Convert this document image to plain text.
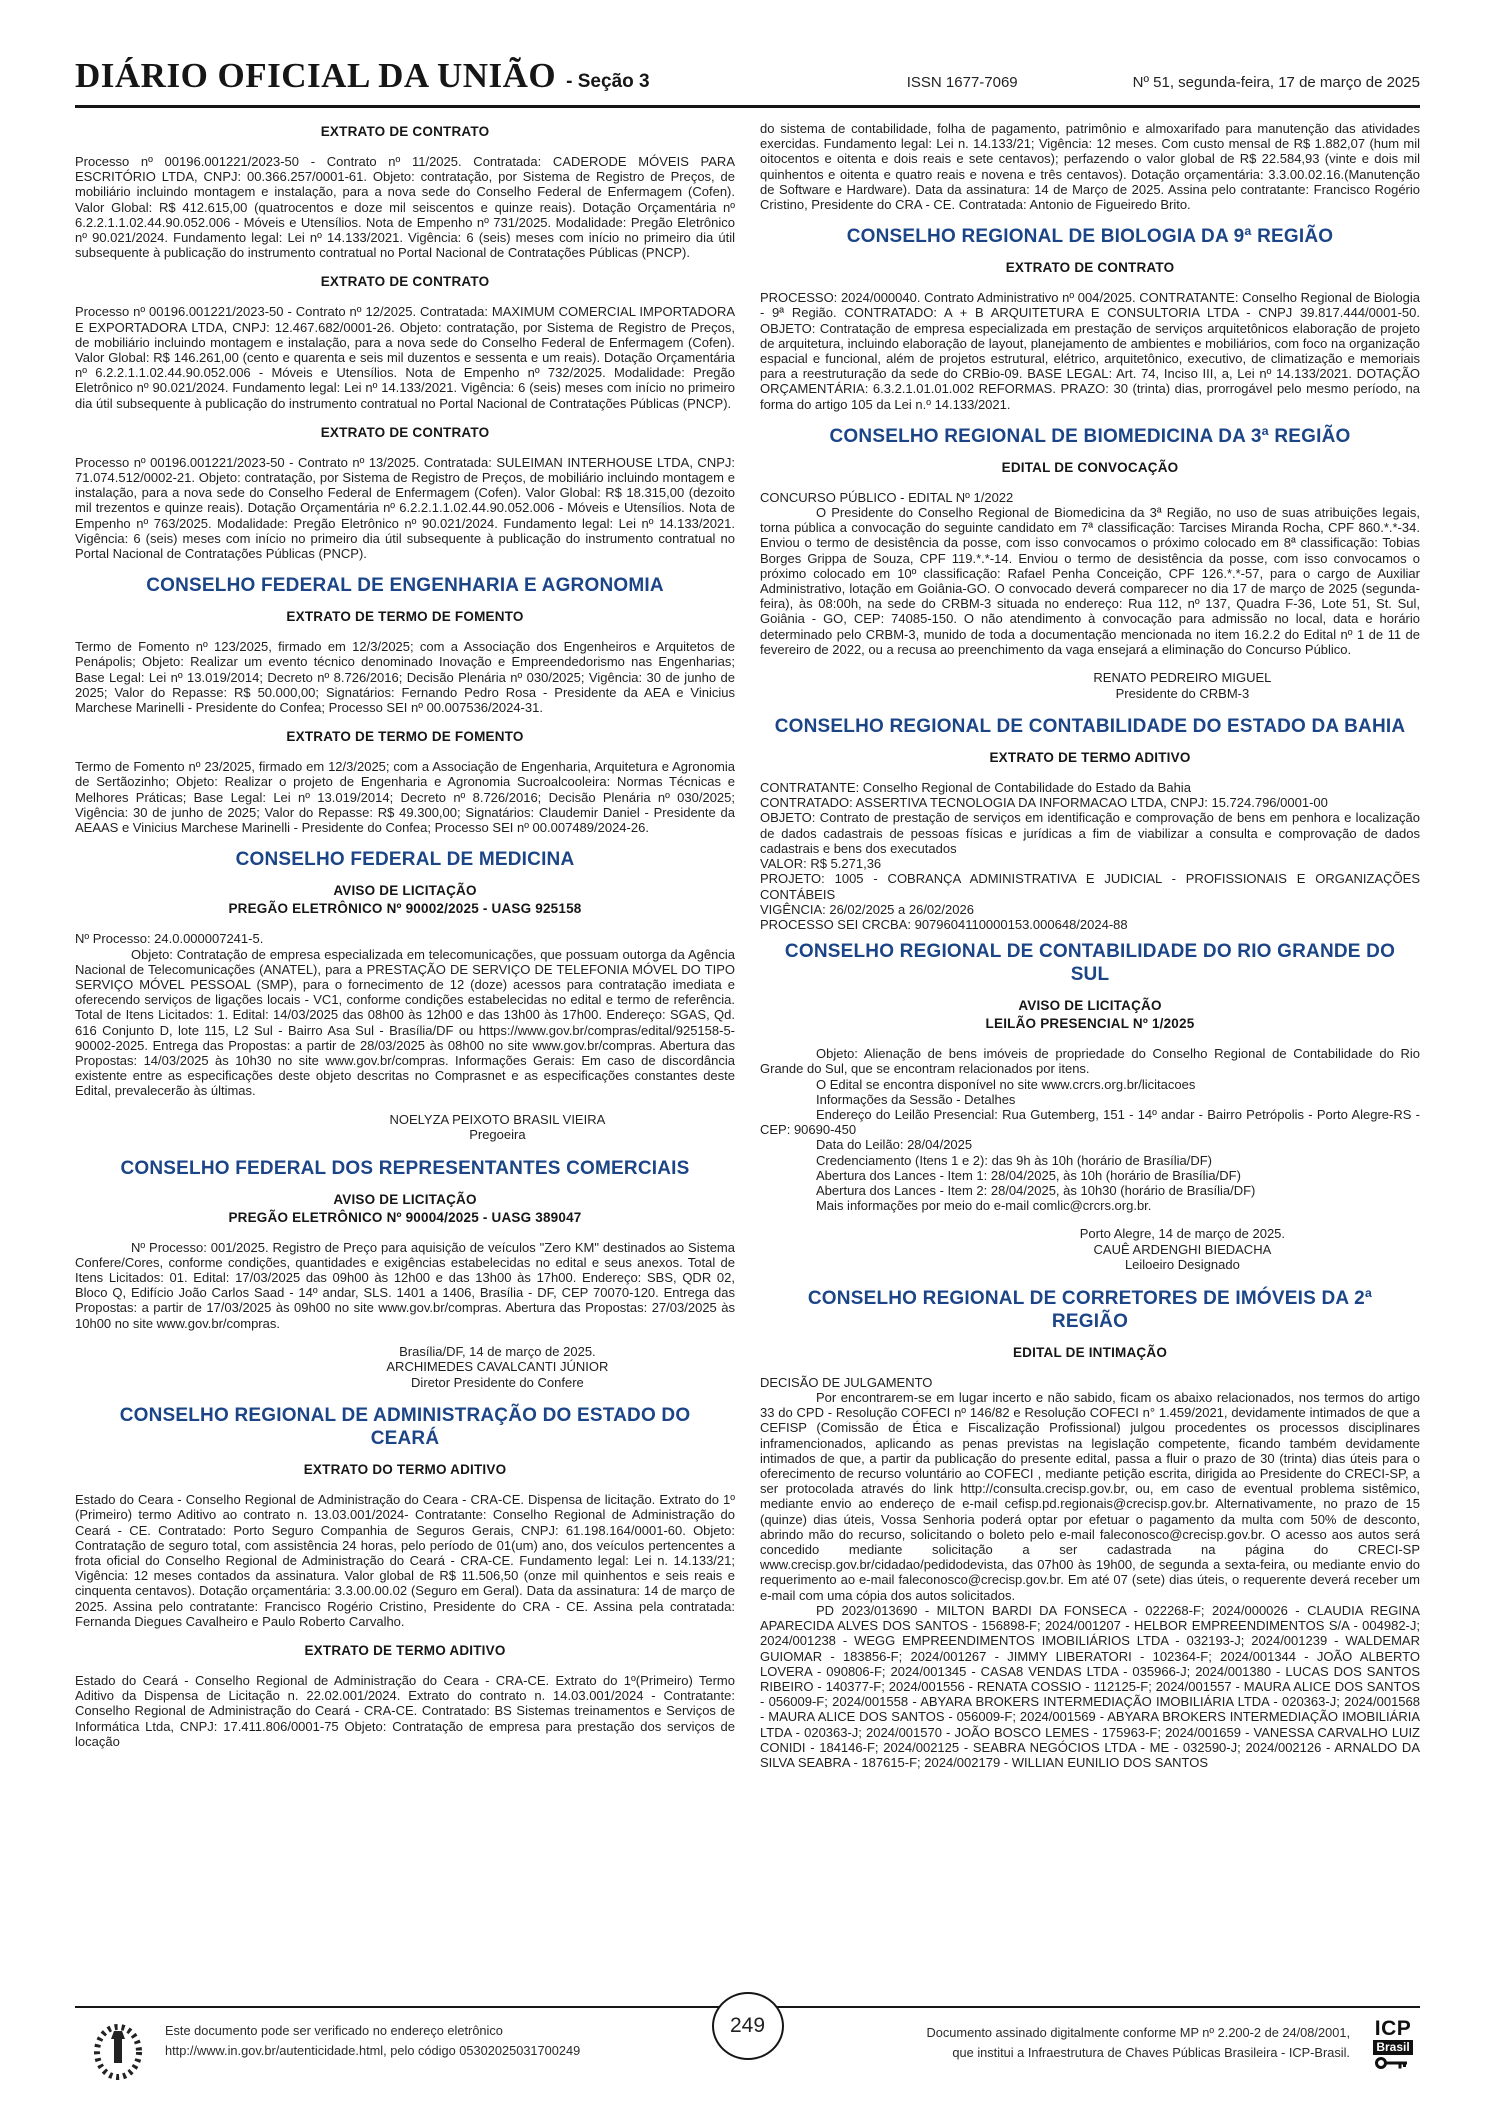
DIÁRIO OFICIAL DA UNIÃO - Seção 3	ISSN 1677-7069	Nº 51, segunda-feira, 17 de março de 2025
EXTRATO DE CONTRATO
Processo nº 00196.001221/2023-50 - Contrato nº 11/2025. Contratada: CADERODE MÓVEIS PARA ESCRITÓRIO LTDA, CNPJ: 00.366.257/0001-61. Objeto: contratação, por Sistema de Registro de Preços, de mobiliário incluindo montagem e instalação, para a nova sede do Conselho Federal de Enfermagem (Cofen). Valor Global: R$ 412.615,00 (quatrocentos e doze mil seiscentos e quinze reais). Dotação Orçamentária nº 6.2.2.1.1.02.44.90.052.006 - Móveis e Utensílios. Nota de Empenho nº 731/2025. Modalidade: Pregão Eletrônico nº 90.021/2024. Fundamento legal: Lei nº 14.133/2021. Vigência: 6 (seis) meses com início no primeiro dia útil subsequente à publicação do instrumento contratual no Portal Nacional de Contratações Públicas (PNCP).
EXTRATO DE CONTRATO
Processo nº 00196.001221/2023-50 - Contrato nº 12/2025. Contratada: MAXIMUM COMERCIAL IMPORTADORA E EXPORTADORA LTDA, CNPJ: 12.467.682/0001-26. Objeto: contratação, por Sistema de Registro de Preços, de mobiliário incluindo montagem e instalação, para a nova sede do Conselho Federal de Enfermagem (Cofen). Valor Global: R$ 146.261,00 (cento e quarenta e seis mil duzentos e sessenta e um reais). Dotação Orçamentária nº 6.2.2.1.1.02.44.90.052.006 - Móveis e Utensílios. Nota de Empenho nº 732/2025. Modalidade: Pregão Eletrônico nº 90.021/2024. Fundamento legal: Lei nº 14.133/2021. Vigência: 6 (seis) meses com início no primeiro dia útil subsequente à publicação do instrumento contratual no Portal Nacional de Contratações Públicas (PNCP).
EXTRATO DE CONTRATO
Processo nº 00196.001221/2023-50 - Contrato nº 13/2025. Contratada: SULEIMAN INTERHOUSE LTDA, CNPJ: 71.074.512/0002-21. Objeto: contratação, por Sistema de Registro de Preços, de mobiliário incluindo montagem e instalação, para a nova sede do Conselho Federal de Enfermagem (Cofen). Valor Global: R$ 18.315,00 (dezoito mil trezentos e quinze reais). Dotação Orçamentária nº 6.2.2.1.1.02.44.90.052.006 - Móveis e Utensílios. Nota de Empenho nº 763/2025. Modalidade: Pregão Eletrônico nº 90.021/2024. Fundamento legal: Lei nº 14.133/2021. Vigência: 6 (seis) meses com início no primeiro dia útil subsequente à publicação do instrumento contratual no Portal Nacional de Contratações Públicas (PNCP).
CONSELHO FEDERAL DE ENGENHARIA E AGRONOMIA
EXTRATO DE TERMO DE FOMENTO
Termo de Fomento nº 123/2025, firmado em 12/3/2025; com a Associação dos Engenheiros e Arquitetos de Penápolis; Objeto: Realizar um evento técnico denominado Inovação e Empreendedorismo nas Engenharias; Base Legal: Lei nº 13.019/2014; Decreto nº 8.726/2016; Decisão Plenária nº 030/2025; Vigência: 30 de junho de 2025; Valor do Repasse: R$ 50.000,00; Signatários: Fernando Pedro Rosa - Presidente da AEA e Vinicius Marchese Marinelli - Presidente do Confea; Processo SEI nº 00.007536/2024-31.
EXTRATO DE TERMO DE FOMENTO
Termo de Fomento nº 23/2025, firmado em 12/3/2025; com a Associação de Engenharia, Arquitetura e Agronomia de Sertãozinho; Objeto: Realizar o projeto de Engenharia e Agronomia Sucroalcooleira: Normas Técnicas e Melhores Práticas; Base Legal: Lei nº 13.019/2014; Decreto nº 8.726/2016; Decisão Plenária nº 030/2025; Vigência: 30 de junho de 2025; Valor do Repasse: R$ 49.300,00; Signatários: Claudemir Daniel - Presidente da AEAAS e Vinicius Marchese Marinelli - Presidente do Confea; Processo SEI nº 00.007489/2024-26.
CONSELHO FEDERAL DE MEDICINA
AVISO DE LICITAÇÃO
PREGÃO ELETRÔNICO Nº 90002/2025 - UASG 925158
Nº Processo: 24.0.000007241-5.
Objeto: Contratação de empresa especializada em telecomunicações, que possuam outorga da Agência Nacional de Telecomunicações (ANATEL), para a PRESTAÇÃO DE SERVIÇO DE TELEFONIA MÓVEL DO TIPO SERVIÇO MÓVEL PESSOAL (SMP), para o fornecimento de 12 (doze) acessos para contratação imediata e oferecendo serviços de ligações locais - VC1, conforme condições estabelecidas no edital e termo de referência. Total de Itens Licitados: 1. Edital: 14/03/2025 das 08h00 às 12h00 e das 13h00 às 17h00. Endereço: SGAS, Qd. 616 Conjunto D, lote 115, L2 Sul - Bairro Asa Sul - Brasília/DF ou https://www.gov.br/compras/edital/925158-5-90002-2025. Entrega das Propostas: a partir de 28/03/2025 às 08h00 no site www.gov.br/compras. Abertura das Propostas: 14/03/2025 às 10h30 no site www.gov.br/compras. Informações Gerais: Em caso de discordância existente entre as especificações deste objeto descritas no Comprasnet e as especificações constantes deste Edital, prevalecerão às últimas.
NOELYZA PEIXOTO BRASIL VIEIRA
Pregoeira
CONSELHO FEDERAL DOS REPRESENTANTES COMERCIAIS
AVISO DE LICITAÇÃO
PREGÃO ELETRÔNICO Nº 90004/2025 - UASG 389047
Nº Processo: 001/2025. Registro de Preço para aquisição de veículos "Zero KM" destinados ao Sistema Confere/Cores, conforme condições, quantidades e exigências estabelecidas no edital e seus anexos. Total de Itens Licitados: 01. Edital: 17/03/2025 das 09h00 às 12h00 e das 13h00 às 17h00. Endereço: SBS, QDR 02, Bloco Q, Edifício João Carlos Saad - 14º andar, SLS. 1401 a 1406, Brasília - DF, CEP 70070-120. Entrega das Propostas: a partir de 17/03/2025 às 09h00 no site www.gov.br/compras. Abertura das Propostas: 27/03/2025 às 10h00 no site www.gov.br/compras.
Brasília/DF, 14 de março de 2025.
ARCHIMEDES CAVALCANTI JÚNIOR
Diretor Presidente do Confere
CONSELHO REGIONAL DE ADMINISTRAÇÃO DO ESTADO DO
CEARÁ
EXTRATO DO TERMO ADITIVO
Estado do Ceara - Conselho Regional de Administração do Ceara - CRA-CE. Dispensa de licitação. Extrato do 1º (Primeiro) termo Aditivo ao contrato n. 13.03.001/2024- Contratante: Conselho Regional de Administração do Ceará - CE. Contratado: Porto Seguro Companhia de Seguros Gerais, CNPJ: 61.198.164/0001-60. Objeto: Contratação de seguro total, com assistência 24 horas, pelo período de 01(um) ano, dos veículos pertencentes a frota oficial do Conselho Regional de Administração do Ceará - CRA-CE. Fundamento legal: Lei n. 14.133/21; Vigência: 12 meses contados da assinatura. Valor global de R$ 11.506,50 (onze mil quinhentos e seis reais e cinquenta centavos). Dotação orçamentária: 3.3.00.00.02 (Seguro em Geral). Data da assinatura: 14 de março de 2025. Assina pelo contratante: Francisco Rogério Cristino, Presidente do CRA - CE. Assina pela contratada: Fernanda Diegues Cavalheiro e Paulo Roberto Carvalho.
EXTRATO DE TERMO ADITIVO
Estado do Ceará - Conselho Regional de Administração do Ceara - CRA-CE. Extrato do 1º(Primeiro) Termo Aditivo da Dispensa de Licitação n. 22.02.001/2024. Extrato do contrato n. 14.03.001/2024 - Contratante: Conselho Regional de Administração do Ceará - CRA-CE. Contratado: BS Sistemas treinamentos e Serviços de Informática Ltda, CNPJ: 17.411.806/0001-75 Objeto: Contratação de empresa para prestação dos serviços de locação
do sistema de contabilidade, folha de pagamento, patrimônio e almoxarifado para manutenção das atividades exercidas. Fundamento legal: Lei n. 14.133/21; Vigência: 12 meses. Com custo mensal de R$ 1.882,07 (hum mil oitocentos e oitenta e dois reais e sete centavos); perfazendo o valor global de R$ 22.584,93 (vinte e dois mil quinhentos e oitenta e quatro reais e novena e três centavos). Dotação orçamentária: 3.3.00.02.16.(Manutenção de Software e Hardware). Data da assinatura: 14 de Março de 2025. Assina pelo contratante: Francisco Rogério Cristino, Presidente do CRA - CE. Contratada: Antonio de Figueiredo Brito.
CONSELHO REGIONAL DE BIOLOGIA DA 9ª REGIÃO
EXTRATO DE CONTRATO
PROCESSO: 2024/000040. Contrato Administrativo nº 004/2025. CONTRATANTE: Conselho Regional de Biologia - 9ª Região. CONTRATADO: A + B ARQUITETURA E CONSULTORIA LTDA - CNPJ 39.817.444/0001-50. OBJETO: Contratação de empresa especializada em prestação de serviços arquitetônicos elaboração de projeto de arquitetura, incluindo elaboração de layout, planejamento de ambientes e mobiliários, com foco na organização espacial e funcional, além de projetos estrutural, elétrico, arquitetônico, executivo, de climatização e memoriais para a reestruturação da sede do CRBio-09. BASE LEGAL: Art. 74, Inciso III, a, Lei nº 14.133/2021. DOTAÇÃO ORÇAMENTÁRIA: 6.3.2.1.01.01.002 REFORMAS. PRAZO: 30 (trinta) dias, prorrogável pelo mesmo período, na forma do artigo 105 da Lei n.º 14.133/2021.
CONSELHO REGIONAL DE BIOMEDICINA DA 3ª REGIÃO
EDITAL DE CONVOCAÇÃO
CONCURSO PÚBLICO - EDITAL Nº 1/2022
O Presidente do Conselho Regional de Biomedicina da 3ª Região, no uso de suas atribuições legais, torna pública a convocação do seguinte candidato em 7ª classificação: Tarcises Miranda Rocha, CPF 860.*.*-34. Enviou o termo de desistência da posse, com isso convocamos o próximo colocado em 8ª classificação: Tobias Borges Grippa de Souza, CPF 119.*.*-14. Enviou o termo de desistência da posse, com isso convocamos o próximo colocado em 10º classificação: Rafael Penha Conceição, CPF 126.*.*-57, para o cargo de Auxiliar Administrativo, lotação em Goiânia-GO. O convocado deverá comparecer no dia 17 de março de 2025 (segunda-feira), às 08:00h, na sede do CRBM-3 situada no endereço: Rua 112, nº 137, Quadra F-36, Lote 51, St. Sul, Goiânia - GO, CEP: 74085-150. O não atendimento à convocação para admissão no local, data e horário determinado pelo CRBM-3, munido de toda a documentação mencionada no item 16.2.2 do Edital nº 1 de 11 de fevereiro de 2022, ou a recusa ao preenchimento da vaga ensejará a eliminação do Concurso Público.
RENATO PEDREIRO MIGUEL
Presidente do CRBM-3
CONSELHO REGIONAL DE CONTABILIDADE DO ESTADO DA BAHIA
EXTRATO DE TERMO ADITIVO
CONTRATANTE: Conselho Regional de Contabilidade do Estado da Bahia
CONTRATADO: ASSERTIVA TECNOLOGIA DA INFORMACAO LTDA, CNPJ: 15.724.796/0001-00
OBJETO: Contrato de prestação de serviços em identificação e comprovação de bens em penhora e localização de dados cadastrais de pessoas físicas e jurídicas a fim de viabilizar a consulta e comprovação de dados cadastrais e bens dos executados
VALOR: R$ 5.271,36
PROJETO: 1005 - COBRANÇA ADMINISTRATIVA E JUDICIAL - PROFISSIONAIS E ORGANIZAÇÕES CONTÁBEIS
VIGÊNCIA: 26/02/2025 a 26/02/2026
PROCESSO SEI CRCBA: 9079604110000153.000648/2024-88
CONSELHO REGIONAL DE CONTABILIDADE DO RIO GRANDE DO
SUL
AVISO DE LICITAÇÃO
LEILÃO PRESENCIAL Nº 1/2025
Objeto: Alienação de bens imóveis de propriedade do Conselho Regional de Contabilidade do Rio Grande do Sul, que se encontram relacionados por itens.
O Edital se encontra disponível no site www.crcrs.org.br/licitacoes
Informações da Sessão - Detalhes
Endereço do Leilão Presencial: Rua Gutemberg, 151 - 14º andar - Bairro Petrópolis - Porto Alegre-RS - CEP: 90690-450
Data do Leilão: 28/04/2025
Credenciamento (Itens 1 e 2): das 9h às 10h (horário de Brasília/DF)
Abertura dos Lances - Item 1: 28/04/2025, às 10h (horário de Brasília/DF)
Abertura dos Lances - Item 2: 28/04/2025, às 10h30 (horário de Brasília/DF)
Mais informações por meio do e-mail comlic@crcrs.org.br.
Porto Alegre, 14 de março de 2025.
CAUÊ ARDENGHI BIEDACHA
Leiloeiro Designado
CONSELHO REGIONAL DE CORRETORES DE IMÓVEIS DA 2ª
REGIÃO
EDITAL DE INTIMAÇÃO
DECISÃO DE JULGAMENTO
Por encontrarem-se em lugar incerto e não sabido, ficam os abaixo relacionados, nos termos do artigo 33 do CPD - Resolução COFECI nº 146/82 e Resolução COFECI n° 1.459/2021, devidamente intimados de que a CEFISP (Comissão de Ética e Fiscalização Profissional) julgou procedentes os processos disciplinares inframencionados, aplicando as penas previstas na legislação competente, ficando também devidamente intimados de que, a partir da publicação do presente edital, passa a fluir o prazo de 30 (trinta) dias úteis para o oferecimento de recurso voluntário ao COFECI , mediante petição escrita, dirigida ao Presidente do CRECI-SP, a ser protocolada através do link http://consulta.crecisp.gov.br, ou, em caso de eventual problema sistêmico, mediante envio ao endereço de e-mail cefisp.pd.regionais@crecisp.gov.br. Alternativamente, no prazo de 15 (quinze) dias úteis, Vossa Senhoria poderá optar por efetuar o pagamento da multa com 50% de desconto, abrindo mão do recurso, solicitando o boleto pelo e-mail faleconosco@crecisp.gov.br. O acesso aos autos será concedido mediante solicitação a ser cadastrada na página do CRECI-SP www.crecisp.gov.br/cidadao/pedidodevista, das 07h00 às 19h00, de segunda a sexta-feira, ou mediante envio do requerimento ao e-mail faleconosco@crecisp.gov.br. Em até 07 (sete) dias úteis, o requerente deverá receber um e-mail com uma cópia dos autos solicitados.
PD 2023/013690 - MILTON BARDI DA FONSECA - 022268-F; 2024/000026 - CLAUDIA REGINA APARECIDA ALVES DOS SANTOS - 156898-F; 2024/001207 - HELBOR EMPREENDIMENTOS S/A - 004982-J; 2024/001238 - WEGG EMPREENDIMENTOS IMOBILIÁRIOS LTDA - 032193-J; 2024/001239 - WALDEMAR GUIOMAR - 183856-F; 2024/001267 - JIMMY LIBERATORI - 102364-F; 2024/001344 - JOÃO ALBERTO LOVERA - 090806-F; 2024/001345 - CASA8 VENDAS LTDA - 035966-J; 2024/001380 - LUCAS DOS SANTOS RIBEIRO - 140377-F; 2024/001556 - RENATA COSSIO - 112125-F; 2024/001557 - MAURA ALICE DOS SANTOS - 056009-F; 2024/001558 - ABYARA BROKERS INTERMEDIAÇÃO IMOBILIÁRIA LTDA - 020363-J; 2024/001568 - MAURA ALICE DOS SANTOS - 056009-F; 2024/001569 - ABYARA BROKERS INTERMEDIAÇÃO IMOBILIÁRIA LTDA - 020363-J; 2024/001570 - JOÃO BOSCO LEMES - 175963-F; 2024/001659 - VANESSA CARVALHO LUIZ CONIDI - 184146-F; 2024/002125 - SEABRA NEGÓCIOS LTDA - ME - 032590-J; 2024/002126 - ARNALDO DA SILVA SEABRA - 187615-F; 2024/002179 - WILLIAN EUNILIO DOS SANTOS
Este documento pode ser verificado no endereço eletrônico
http://www.in.gov.br/autenticidade.html, pelo código 05302025031700249
249	Documento assinado digitalmente conforme MP nº 2.200-2 de 24/08/2001,
que institui a Infraestrutura de Chaves Públicas Brasileira - ICP-Brasil.
ICP
Brasil
